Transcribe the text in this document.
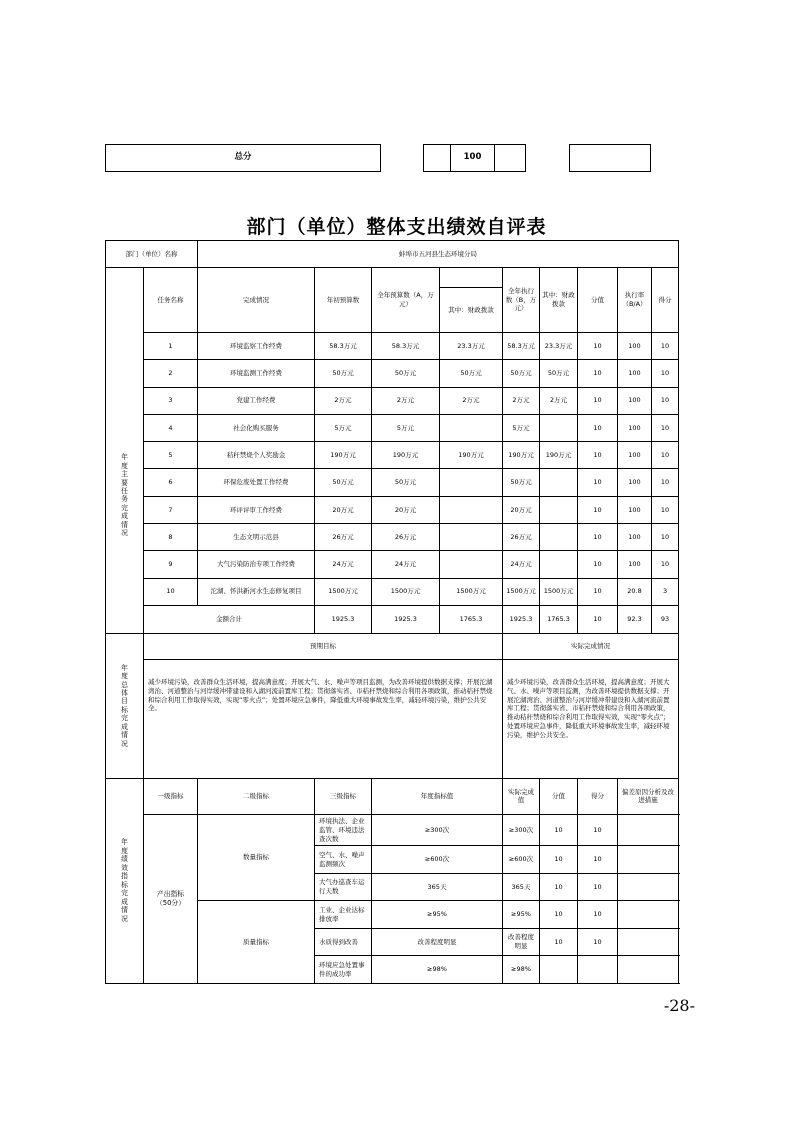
总分			100			
部门（单位）整体支出绩效自评表
部门（单位）名称		蚌埠市五河县生态环境分局								

年度主要任务完成情况	任务名称	完成情况	年初预算数	全年预算数（A，万元）		全年执行数（B，万元）	其中：财政拨款	分值	执行率（B/A）	得分
					其中：财政拨款					
	1	环境监察工作经费	58.3万元	58.3万元	23.3万元	58.3万元	23.3万元	10	100	10
	2	环境监测工作经费	50万元	50万元	50万元	50万元	50万元	10	100	10
	3	党建工作经费	2万元	2万元	2万元	2万元	2万元	10	100	10
	4	社会化购买服务	5万元	5万元		5万元		10	100	10
	5	秸秆禁烧个人奖励金	190万元	190万元	190万元	190万元	190万元	10	100	10
	6	环保危废处置工作经费	50万元	50万元		50万元		10	100	10
	7	环评评审工作经费	20万元	20万元		20万元		10	100	10
	8	生态文明示范县	26万元	26万元		26万元		10	100	10
	9	大气污染防治专项工作经费	24万元	24万元		24万元		10	100	10
	10	沱湖、怀洪新河水生态修复项目	1500万元	1500万元	1500万元	1500万元	1500万元	10	20.8	3
	金额合计		1925.3	1925.3	1765.3	1925.3	1765.3	10	92.3	93

年度总体目标完成情况	预期目标					实际完成情况				
	减少环境污染，改善群众生活环境，提高满意度；开展大气、水、噪声等项目监测，为改善环境提供数据支撑；开展沱湖湾治、河道整治与河岸缓冲带建设和入湖河流前置库工程；贯彻落实省、市秸秆禁烧和综合利用各项政策，推动秸秆禁烧和综合利用工作取得实效，实现“零火点”；处置环境应急事件，降低重大环境事故发生率，减轻环境污染，维护公共安全。					减少环境污染，改善群众生活环境，提高满意度；开展大气、水、噪声等项目监测，为改善环境提供数据支撑；开展沱湖湾治、河道整治与河岸缓冲带建设和入湖河流前置库工程；贯彻落实省、市秸秆禁烧和综合利用各项政策，推动秸秆禁烧和综合利用工作取得实效，实现“零火点”；处置环境应急事件，降低重大环境事故发生率，减轻环境污染，维护公共安全。				

年度绩效指标完成情况	一级指标	二级指标	三级指标	年度指标值		实际完成值	分值	得分	偏差原因分析及改进措施	

	产出指标（50分）	数量指标	环境执法、企业监管、环境违法查次数	≥300次		≥300次	10	10		
			空气、水、噪声监测频次	≥600次		≥600次	10	10		
			大气办巡查车运行天数	365天		365天	10	10		
		质量指标	工业、企业达标排放率	≥95%		≥95%	10	10		
			水质得到改善	改善程度明显		改善程度明显	10	10		
			环境应急处置事件的成功率	≥98%		≥98%				
-28-
